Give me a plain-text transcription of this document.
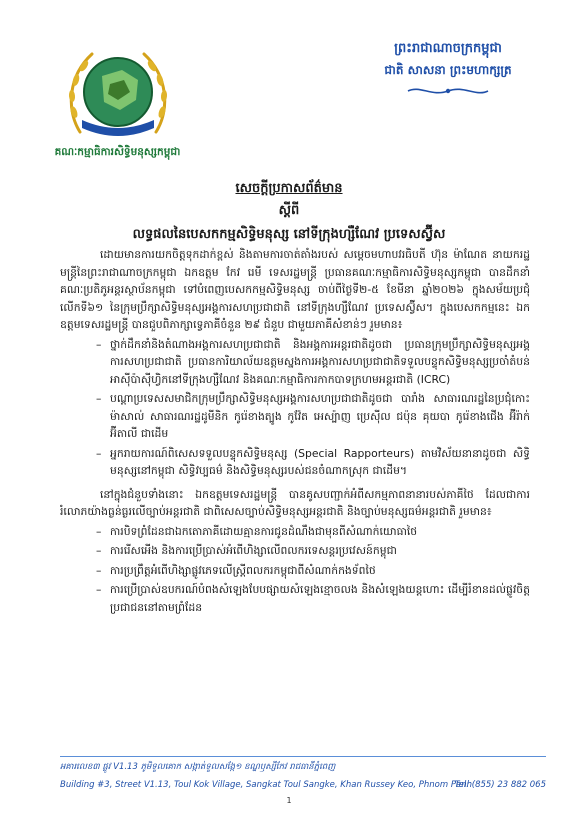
គណៈកម្មាធិការសិទ្ធិមនុស្សកម្ពុជា
ព្រះរាជាណាចក្រកម្ពុជា
ជាតិ សាសនា ព្រះមហាក្សត្រ
សេចក្តីប្រកាសព័ត៌មាន
ស្តីពី
លទ្ធផលនៃបេសកកម្មសិទ្ធិមនុស្ស នៅទីក្រុងហ្សឺណែវ ប្រទេសស្វ៊ីស

ដោយមានការយកចិត្តទុកដាក់ខ្ពស់ និងតាមការចាត់តាំងរបស់ សម្តេចមហាបវរធិបតី ហ៊ុន ម៉ាណែត នាយករដ្ឋមន្ត្រីនៃព្រះរាជាណាចក្រកម្ពុជា ឯកឧត្តម កែវ រេមី ទេសរដ្ឋមន្ត្រី ប្រធានគណៈកម្មាធិការសិទ្ធិមនុស្សកម្ពុជា បានដឹកនាំគណៈប្រតិភូអន្តរស្ថាប័នកម្ពុជា ទៅបំពេញបេសកកម្មសិទ្ធិមនុស្ស ចាប់ពីថ្ងៃទី២-៥ ខែមីនា ឆ្នាំ២០២៦ ក្នុងសម័យប្រជុំលើកទី៦១ នៃក្រុមប្រឹក្សាសិទ្ធិមនុស្សអង្គការសហប្រជាជាតិ នៅទីក្រុងហ្សឺណែវ ប្រទេសស្វ៊ីស។ ក្នុងបេសកកម្មនេះ ឯកឧត្តមទេសរដ្ឋមន្ត្រី បានជួបពិភាក្សាទ្វេភាគីចំនួន ២៩ ជំនួប ជាមួយភាគីសំខាន់ៗ រួមមាន៖

– ថ្នាក់ដឹកនាំនិងតំណាងអង្គការសហប្រជាជាតិ និងអង្គការអន្តរជាតិដូចជា ប្រធានក្រុមប្រឹក្សាសិទ្ធិមនុស្សអង្គការសហប្រជាជាតិ ប្រធានការិយាល័យឧត្តមស្នងការអង្គការសហប្រជាជាតិទទួលបន្ទុកសិទ្ធិមនុស្សប្រចាំតំបន់អាស៊ីប៉ាស៊ីហ្វិកនៅទីក្រុងហ្សឺណែវ និងគណៈកម្មាធិការកាកបាទក្រហមអន្តរជាតិ (ICRC)
– បណ្តាប្រទេសសមាជិកក្រុមប្រឹក្សាសិទ្ធិមនុស្សអង្គការសហប្រជាជាតិដូចជា បារាំង សាធារណរដ្ឋនៃប្រជុំកោះម៉ាសាល់ សាធារណរដ្ឋដូមីនិក កូរ៉េខាងត្បូង កូវ៉ែត អេស្ប៉ាញ ប្រេស៊ីល ជប៉ុន គុយបា កូរ៉េខាងជើង អ៊ីរ៉ាក់ អ៊ីតាលី ជាដើម
– អ្នករាយការណ៍ពិសេសទទួលបន្ទុកសិទ្ធិមនុស្ស (Special Rapporteurs) តាមវិស័យនានាដូចជា សិទ្ធិមនុស្សនៅកម្ពុជា សិទ្ធិវប្បធម៌ និងសិទ្ធិមនុស្សរបស់ជនចំណាកស្រុក ជាដើម។

នៅក្នុងជំនួបទាំងនោះ ឯកឧត្តមទេសរដ្ឋមន្ត្រី បានគូសបញ្ជាក់អំពីសកម្មភាពនានារបស់ភាគីថៃ ដែលជាការរំលោភយ៉ាងធ្ងន់ធ្ងរលើច្បាប់អន្តរជាតិ ជាពិសេសច្បាប់សិទ្ធិមនុស្សអន្តរជាតិ និងច្បាប់មនុស្សធម៌អន្តរជាតិ រួមមាន៖

– ការបិទព្រំដែនជាឯកតោភាគីដោយគ្មានការជូនដំណឹងជាមុនពីសំណាក់យោធាថៃ
– ការរើសអើង និងការប្រើប្រាស់អំពើហិង្សាលើពលករទេសន្តរប្រវេសន៍កម្ពុជា
– ការប្រព្រឹត្តអំពើហិង្សាផ្លូវភេទលើស្ត្រីពលករកម្ពុជាពីសំណាក់កងទ័ពថៃ
– ការប្រើប្រាស់ឧបករណ៍បំពងសំឡេងបែបផ្សាយសំឡេងខ្មោចលង និងសំឡេងយន្តហោះ ដើម្បីរំខានដល់ផ្លូវចិត្តប្រជាជននៅតាមព្រំដែន
អគារលេខ៣ ផ្លូវ V1.13 ភូមិទួលគោក សង្កាត់ទួលសង្កែ១ ខណ្ឌឫស្សីកែវ រាជធានីភ្នំពេញ
Building #3, Street V1.13, Toul Kok Village, Sangkat Toul Sangke, Khan Russey Keo, Phnom Penh
Tel: (855) 23 882 065
1
